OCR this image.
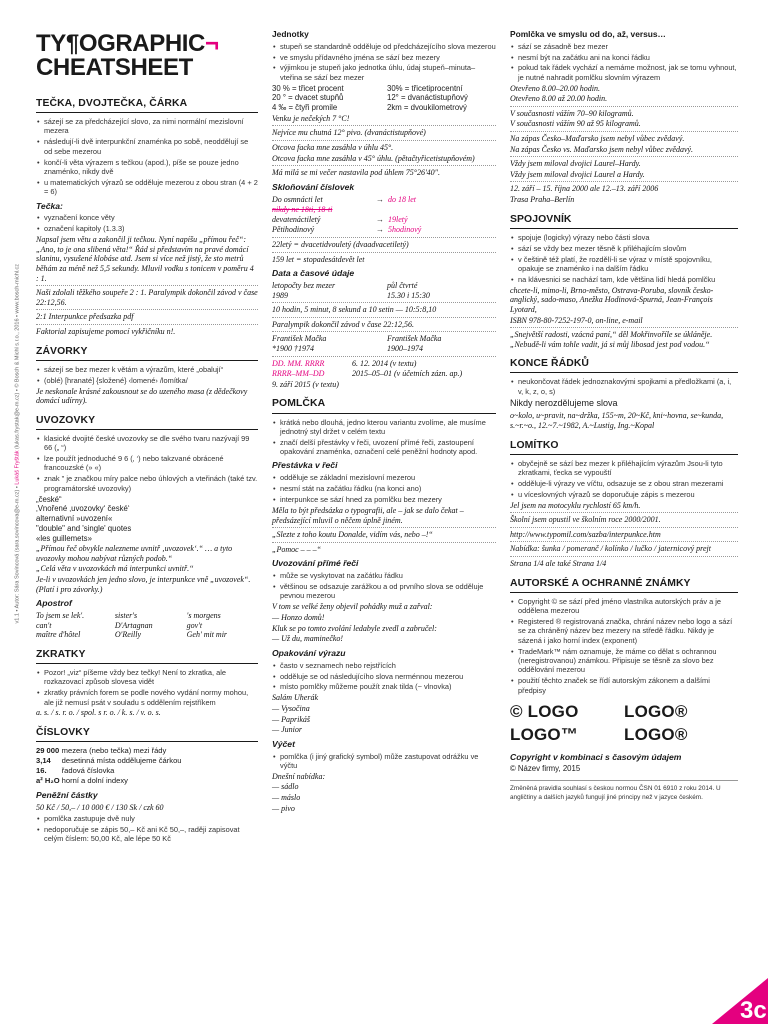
v1.1 • Autor: Sára Sovincová (sara.sovincova@e-m.cz) • Lukáš Fryšták (lukas.frystak@e-m.cz) • © Bosch & Michl s.r.o., 2016 • www.bosch-michl.cz
TY¶OGRAPHIC¬
CHEATSHEET
TEČKA, DVOJTEČKA, ČÁRKA
• sázejí se za předcházející slovo, za nimi normální mezislovní mezera
• následují-li dvě interpunkční znaménka po sobě, neoddělují se od sebe mezerou
• končí-li věta výrazem s tečkou (apod.), píše se pouze jedno znaménko, nikdy dvě
• u matematických výrazů se odděluje mezerou z obou stran (4 + 2 = 6)
Tečka:
• vyznačení konce věty
• označení kapitoly (1.3.3)
Napsal jsem větu a zakončil ji tečkou. Nyní napíšu „přímou řeč“: „Ano, to je ona slibená věta!“ Řád si představím na pravé domácí slaninu, vysušené klobáse atd. Jsem si více než jistý, že sto metrů běhám za méně než 5,5 sekundy. Mluvil vodku s tonicem v poměru 4 : 1.
Naši zdolali těžkého soupeře 2 : 1. Paralympik dokončil závod v čase 22:12,56.
2:1 Interpunkce předsazka pdf
Faktorial zapisujeme pomocí vykřičníku n!.
ZÁVORKY
• sázejí se bez mezer k větám a výrazům, které „obalují“
• (oblé) [hranaté] {složené} ‹lomené› /lomítka/
Je neskonale krásné zakousnout se do uzeného masa (z dědečkovy domácí udírny).
UVOZOVKY
• klasické dvojité české uvozovky se dle svého tvaru nazývají 99 66 („ “)
• lze použít jednoduché 9 6 (‚ ‘) nebo takzvané obrácené francouzské (» «)
• znak " je značkou míry palce nebo úhlových a vteřinách (také tzv. programátorské uvozovky)
„české“
‚Vnořené ‚uvozovky‘ české‘
alternativní »uvození«
"double" and 'single' quotes
«les guillemets»
„Přímou řeč obvykle nalezneme uvnitř ‚uvozovek‘.“ … a tyto uvozovky mohou nabývat různých podob.“
„Celá věta v uvozovkách má interpunkci uvnitř.“
Je-li v uvozovkách jen jedno slovo, je interpunkce vně „uvozovek“. (Platí i pro závorky.)
Apostrof
To jsem se lek'.	sister's	's morgens
can't	D'Artagnan	gov't
maître d'hôtel	O'Reilly	Geh' mit mir
ZKRATKY
• Pozor! „viz“ píšeme vždy bez tečky! Není to zkratka, ale rozkazovací způsob slovesa vidět
• zkratky právních forem se podle nového vydání normy mohou, ale již nemusí psát v souladu s oddělením rejstříkem
a. s. / s. r. o. / spol. s r. o. / k. s. / v. o. s.
ČÍSLOVKY
29 000	mezera (nebo tečka) mezi řády
3,14	desetinná místa oddělujeme čárkou
16.	řadová číslovka
a² H₂O	horní a dolní indexy
Peněžní částky
50 Kč / 50,– / 10 000 € / 130 Sk / czk 60
• pomlčka zastupuje dvě nuly
• nedoporučuje se zápis 50,– Kč ani Kč 50,–, raději zapisovat celým číslem: 50,00 Kč, ale lépe 50 Kč
Jednotky
• stupeň se standardně odděluje od předcházejícího slova mezerou
• ve smyslu přídavného jména se sází bez mezery
• výjimkou je stupeň jako jednotka úhlu, údaj stupeň–minuta–vteřina se sází bez mezer
30 % = třicet procent	30% = třicetiprocentní
20 ° = dvacet stupňů	12° = dvanáctistupňový
4 ‰ = čtyři promile	2km = dvoukilometrový
Venku je nečekých 7 °C!
Nejvíce mu chutná 12° pivo. (dvanáctistupňové)
Otcova facka mne zasáhla v úhlu 45°.
Otcova facka mne zasáhla v 45° úhlu. (pětačtyřicetistupňovém)
Má milá se mi večer nastavila pod úhlem 75°26'40".
Skloňování číslovek
Do osmnácti let	→	do 18 let
nikdy ne 18ti, 18-ti		
devatenáctiletý	→	19letý
Pětihodinový	→	5hodinový
22letý = dvacetidvouletý (dvaadvacetiletý)
159 let = stopadesátdevět let
Data a časové údaje
letopočty bez mezer	půl čtvrté
1989	15.30 i 15:30
10 hodin, 5 minut, 8 sekund a 10 setin — 10:5:8,10
Paralympik dokončil závod v čase 22:12,56.
František Mačka	František Mačka
*1900 †1974	1900–1974
DD. MM. RRRR	6. 12. 2014 (v textu)
RRRR–MM–DD	2015–05–01 (v účetních zázn. ap.)
9. září 2015 (v textu)
POMLČKA
• krátká nebo dlouhá, jedno kterou variantu zvolíme, ale musíme jednotný styl držet v celém textu
• značí delší přestávky v řeči, uvození přímé řeči, zastoupení opakování znaménka, označení celé peněžní hodnoty apod.
Přestávka v řeči
• odděluje se základní mezislovní mezerou
• nesmí stát na začátku řádku (na konci ano)
• interpunkce se sází hned za pomlčku bez mezery
Měla to být předsázka o typografii, ale – jak se dalo čekat – předsázející mluvil o něčem úplně jiném.
„Slezte z toho koutu Donalde, vidím vás, nebo –!“
„Pomoc – – –“
Uvozování přímé řeči
• může se vyskytovat na začátku řádku
• většinou se odsazuje zarážkou a od prvního slova se odděluje pevnou mezerou
V tom se velké ženy objevil pohádky muž a zařval:
— Honzo domů!
Kluk se po tomto zvolání ledabyle zvedl a zabručel:
— Už du, maminečko!
Opakování výrazu
• často v seznamech nebo rejstřících
• odděluje se od následujícího slova nerménnou mezerou
• místo pomlčky můžeme použít znak tilda (~ vlnovka)
Salám Uherák
— Vysočina
— Paprikáš
— Junior
Výčet
• pomlčka (i jiný grafický symbol) může zastupovat odrážku ve výčtu
Dnešní nabídka:
— sádlo
— máslo
— pivo
Pomlčka ve smyslu od do, až, versus…
• sází se zásadně bez mezer
• nesmí být na začátku ani na konci řádku
• pokud tak řádek vychází a nemáme možnost, jak se tomu vyhnout, je nutné nahradit pomlčku slovním výrazem
Otevřeno 8.00–20.00 hodin.
Otevřeno 8.00 až 20.00 hodin.
V současnosti vážím 70–90 kilogramů.
V současnosti vážím 90 až 95 kilogramů.
Na zápas Česko–Maďarsko jsem nebyl vůbec zvědavý.
Na zápas Česko vs. Maďarsko jsem nebyl vůbec zvědavý.
Vždy jsem miloval dvojici Laurel–Hardy.
Vždy jsem miloval dvojici Laurel a Hardy.
12. září – 15. října 2000 ale 12.–13. září 2006
Trasa Praha–Berlín
SPOJOVNÍK
• spojuje (logicky) výrazy nebo části slova
• sází se vždy bez mezer těsně k přiléhajícím slovům
• v češtině též platí, že rozdělí-li se výraz v místě spojovníku, opakuje se znaménko i na dalším řádku
• na klávesnici se nachází tam, kde většina lidí hledá pomlčku
chcete-li, mimo-li, Brno-město, Ostrava-Poruba, slovník česko-anglický, sado-maso, Anežka Hodinová-Spurná, Jean-François Lyotard,
ISBN 978-80-7252-197-0, on-line, e-mail
„Snejvětší radosti, vzácná paní,“ děl Mokřinvoříle se úkláněje. „Nebudě-li vám tohle vadit, já si můj libosad jest pod vodou.“
KONCE ŘÁDKŮ
• neukončovat řádek jednoznakovými spojkami a předložkami (a, i, v, k, z, o, s)
Nikdy nerozdělujeme slova
o~kolo, u~pravit, na~držka, 155~m, 20~Kč, kni~hovna, se~kunda, s.~r.~o., 12.~7.~1982, A.~Lustig, Ing.~Kopal
LOMÍTKO
• obyčejně se sází bez mezer k přiléhajícím výrazům Jsou-li tyto zkratkami, ťecka se vypouští
• odděluje-li výrazy ve víčtu, odsazuje se z obou stran mezerami
• u víceslovných výrazů se doporučuje zápis s mezerou
Jel jsem na motocyklu rychlostí 65 km/h.
Školní jsem opustil ve školním roce 2000/2001.
http://www.typomil.com/sazba/interpunkce.htm
Nabídka: šunka / pomeranč / kolínko / lučko / jaternicový prejt
Strana 1/4 ale také Strana 1/4
AUTORSKÉ A OCHRANNÉ ZNÁMKY
• Copyright © se sází před jméno vlastníka autorských práv a je oddělena mezerou
• Registered ® registrovaná značka, chrání název nebo logo a sází se za chráněný název bez mezery na středě řádku. Nikdy je sázená i jako horní index (exponent)
• TradeMark™ nám oznamuje, že máme co dělat s ochrannou (neregistrovanou) známkou. Připisuje se těsně za slovo bez oddělování mezerou
• použití těchto značek se řídí autorským zákonem a dalšími předpisy
© LOGO	LOGO®
LOGO™	LOGO®
Copyright v kombinaci s časovým údajem
© Název firmy, 2015
Změněná pravidla souhlasí s českou normou ČSN 01 6910 z roku 2014. U angličtiny a dalších jazyků fungují jiné principy než v jazyce českém.
3c
